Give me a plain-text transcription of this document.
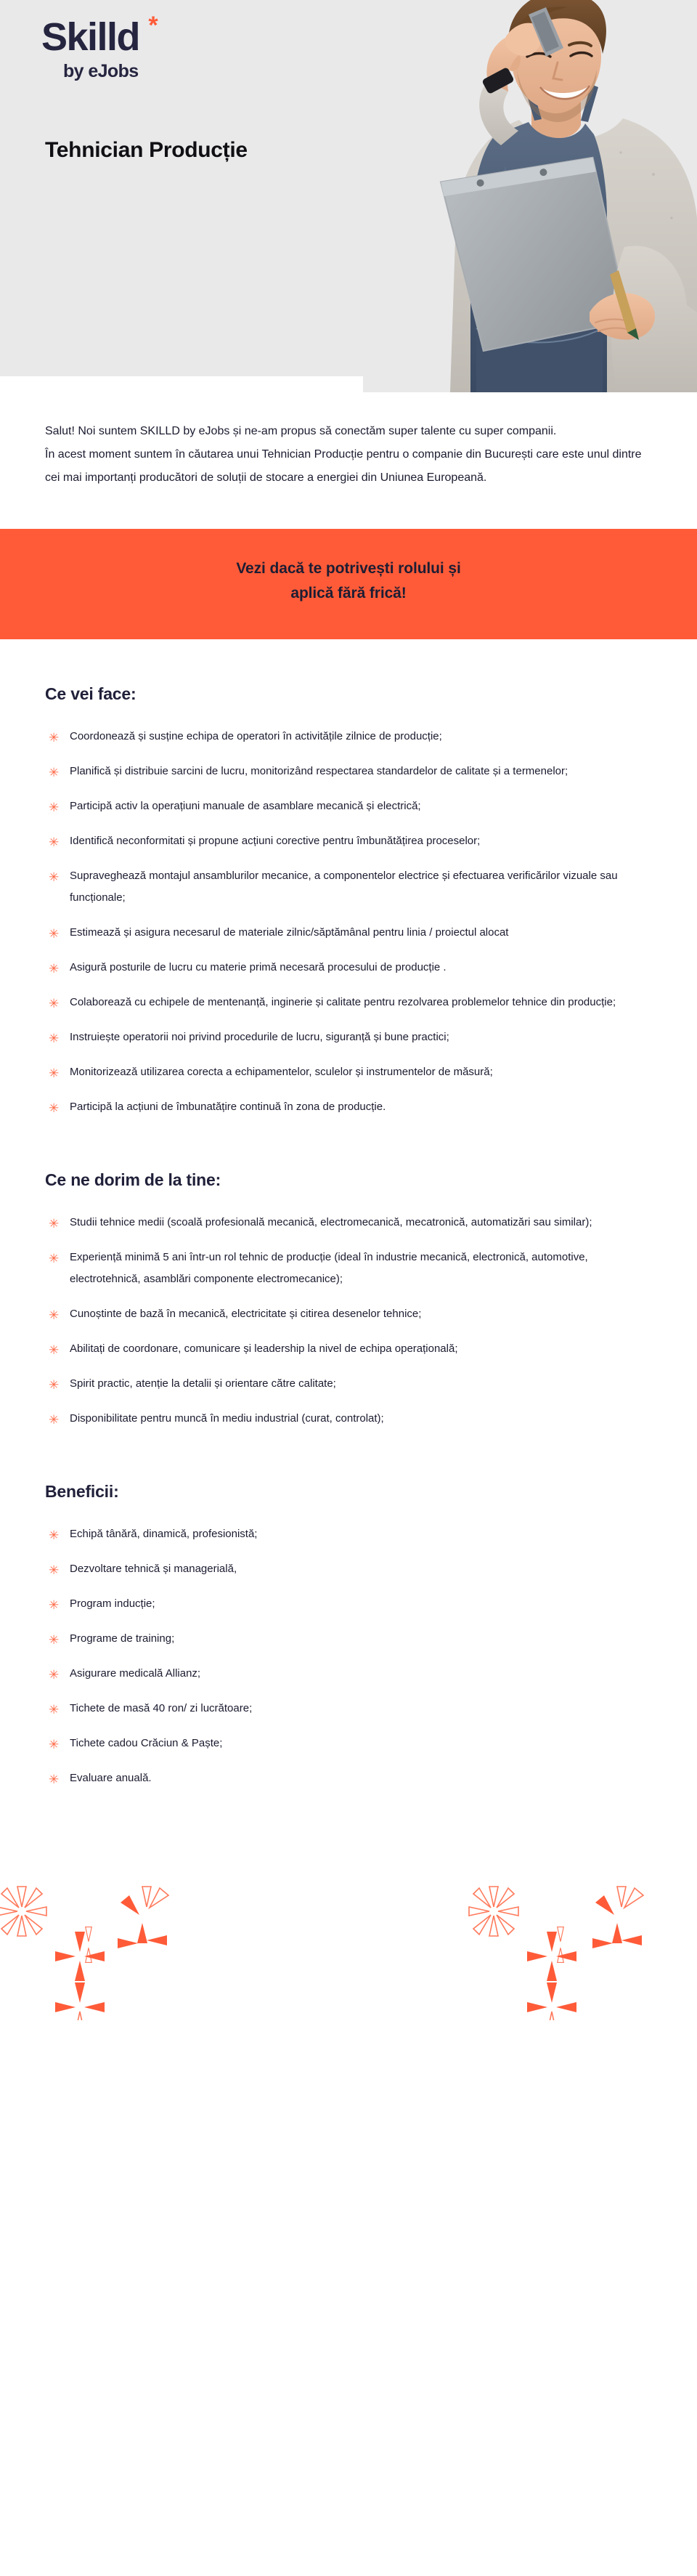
Skilld *
by eJobs
Tehnician Producție

Salut! Noi suntem SKILLD by eJobs și ne-am propus să conectăm super talente cu super companii.

În acest moment suntem în căutarea unui Tehnician Producție pentru o companie din București care este unul dintre cei mai importanți producători de soluții de stocare a energiei din Uniunea Europeană.

Vezi dacă te potrivești rolului și
aplică fără frică!
Ce vei face:
✳ Coordonează și susține echipa de operatori în activitățile zilnice de producție;
✳ Planifică și distribuie sarcini de lucru, monitorizând respectarea standardelor de calitate și a termenelor;
✳ Participă activ la operațiuni manuale de asamblare mecanică și electrică;
✳ Identifică neconformitati și propune acțiuni corective pentru îmbunătățirea proceselor;
✳ Supraveghează montajul ansamblurilor mecanice, a componentelor electrice și efectuarea verificărilor vizuale sau funcționale;
✳ Estimează și asigura necesarul de materiale zilnic/săptămânal pentru linia / proiectul alocat
✳ Asigură posturile de lucru cu materie primă necesară procesului de producție .
✳ Colaborează cu echipele de mentenanță, inginerie și calitate pentru rezolvarea problemelor tehnice din producție;
✳ Instruiește operatorii noi privind procedurile de lucru, siguranță și bune practici;
✳ Monitorizează utilizarea corecta a echipamentelor, sculelor și instrumentelor de măsură;
✳ Participă la acțiuni de îmbunatățire continuă în zona de producție.
Ce ne dorim de la tine:
✳ Studii tehnice medii (scoală profesională mecanică, electromecanică, mecatronică, automatizări sau similar);
✳ Experiență minimă 5 ani într-un rol tehnic de producție (ideal în industrie mecanică, electronică, automotive, electrotehnică, asamblări componente electromecanice);
✳ Cunoștinte de bază în mecanică, electricitate și citirea desenelor tehnice;
✳ Abilitați de coordonare, comunicare și leadership la nivel de echipa operațională;
✳ Spirit practic, atenție la detalii și orientare către calitate;
✳ Disponibilitate pentru muncă în mediu industrial (curat, controlat);
Beneficii:
✳ Echipă tânără, dinamică, profesionistă;
✳ Dezvoltare tehnică și managerială,
✳ Program inducție;
✳ Programe de training;
✳ Asigurare medicală Allianz;
✳ Tichete de masă 40 ron/ zi lucrătoare;
✳ Tichete cadou Crăciun & Paște;
✳ Evaluare anuală.
